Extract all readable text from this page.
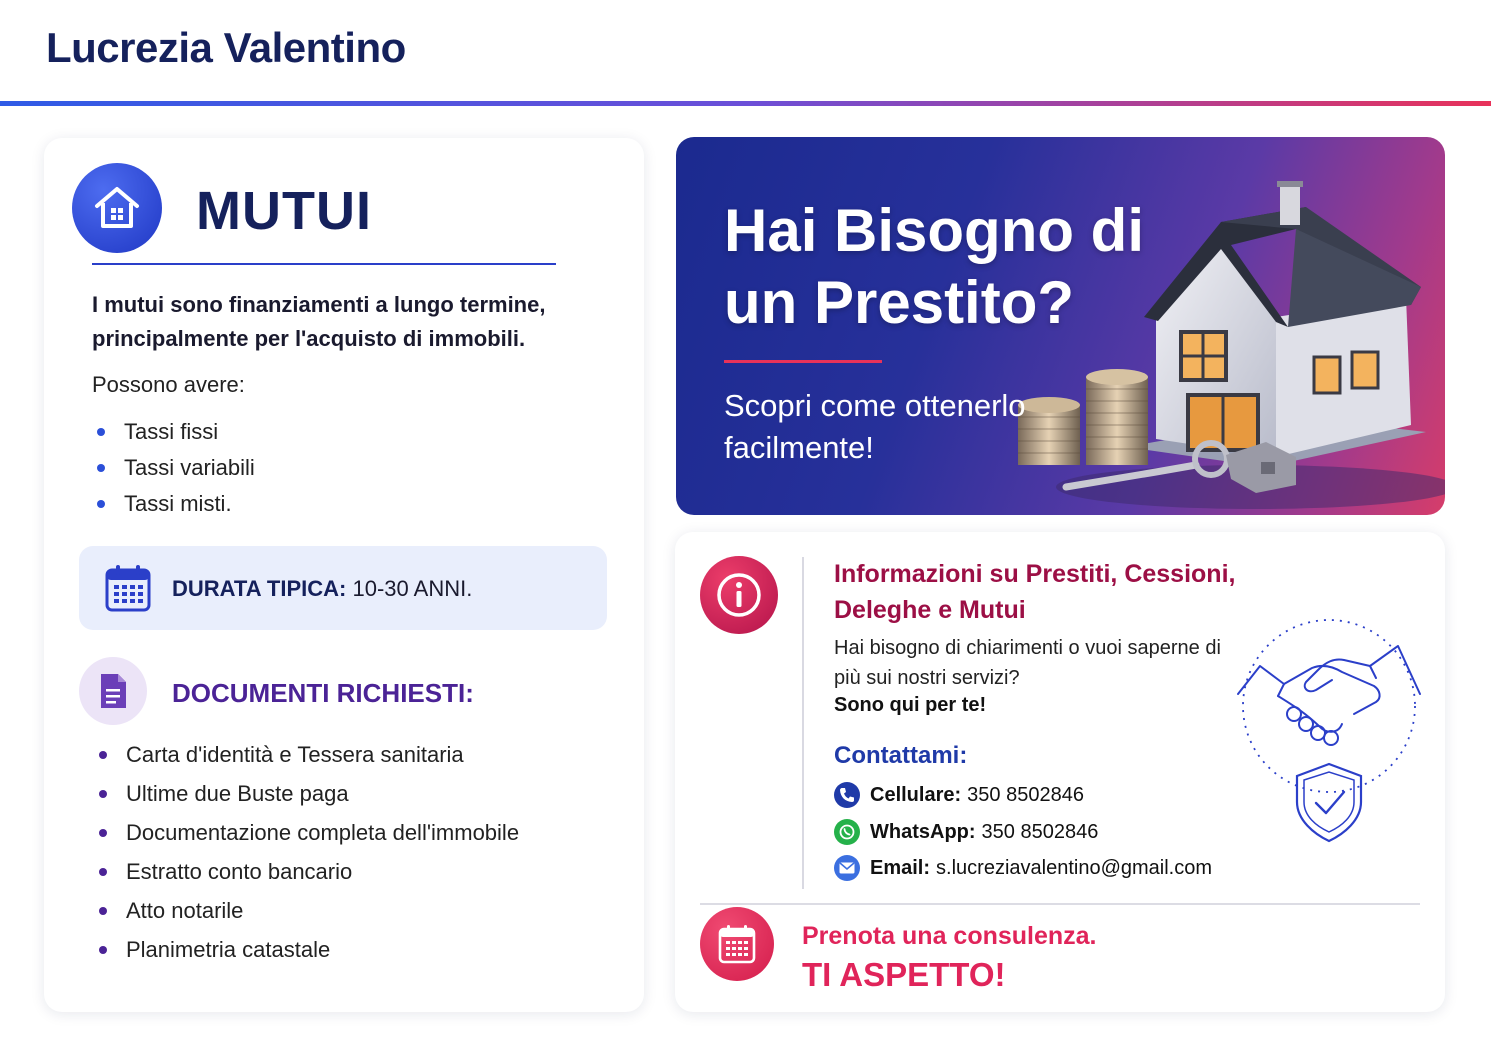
Lucrezia Valentino
MUTUI
I mutui sono finanziamenti a lungo termine, principalmente per l'acquisto di immobili.
Possono avere:
Tassi fissi
Tassi variabili
Tassi misti.
DURATA TIPICA: 10-30 ANNI.
DOCUMENTI RICHIESTI:
Carta d'identità e Tessera sanitaria
Ultime due Buste paga
Documentazione completa dell'immobile
Estratto conto bancario
Atto notarile
Planimetria catastale
Hai Bisogno di un Prestito?
Scopri come ottenerlo facilmente!
Informazioni su Prestiti, Cessioni, Deleghe e Mutui
Hai bisogno di chiarimenti o vuoi saperne di più sui nostri servizi?
Sono qui per te!
Contattami:
Cellulare: 350 8502846
WhatsApp: 350 8502846
Email: s.lucreziavalentino@gmail.com
Prenota una consulenza.
TI ASPETTO!
